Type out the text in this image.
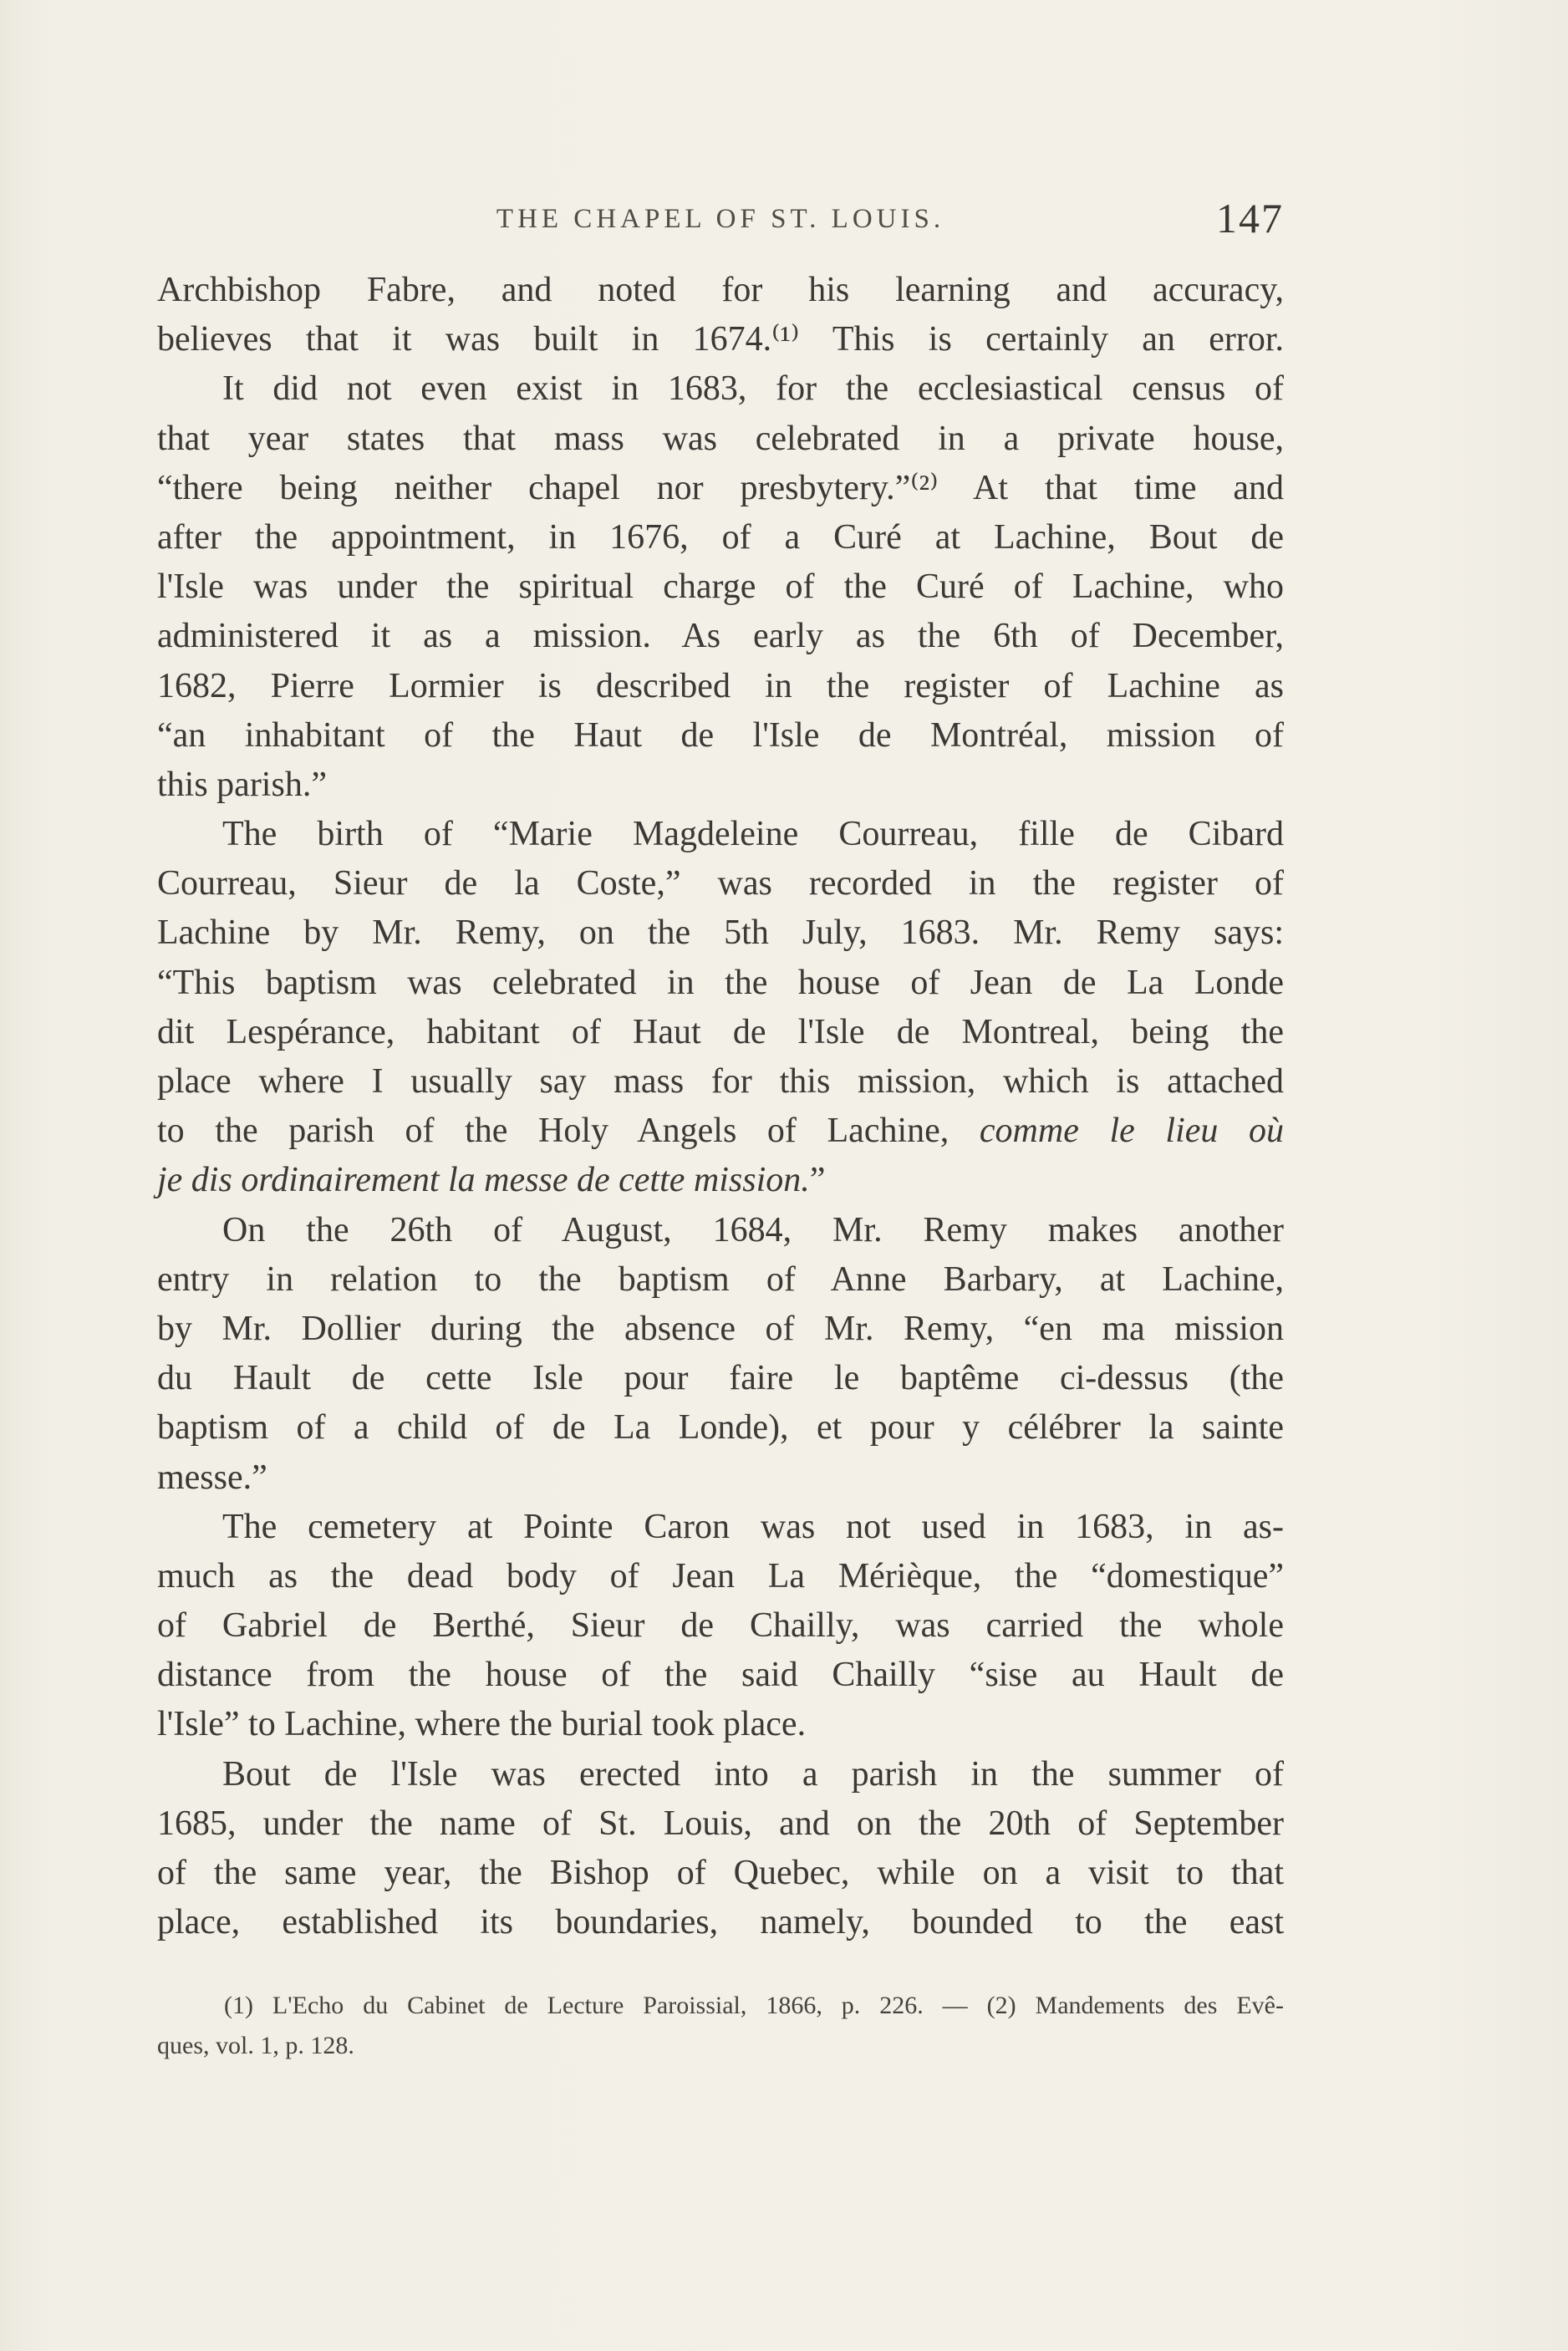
THE CHAPEL OF ST. LOUIS.	147
Archbishop Fabre, and noted for his learning and accuracy,
believes that it was built in 1674.⁽¹⁾ This is certainly an error.
It did not even exist in 1683, for the ecclesiastical census of
that year states that mass was celebrated in a private house,
“there being neither chapel nor presbytery.”⁽²⁾ At that time and
after the appointment, in 1676, of a Curé at Lachine, Bout de
l'Isle was under the spiritual charge of the Curé of Lachine, who
administered it as a mission. As early as the 6th of December,
1682, Pierre Lormier is described in the register of Lachine as
“an inhabitant of the Haut de l'Isle de Montréal, mission of
this parish.”
The birth of “Marie Magdeleine Courreau, fille de Cibard
Courreau, Sieur de la Coste,” was recorded in the register of
Lachine by Mr. Remy, on the 5th July, 1683. Mr. Remy says:
“This baptism was celebrated in the house of Jean de La Londe
dit Lespérance, habitant of Haut de l'Isle de Montreal, being the
place where I usually say mass for this mission, which is attached
to the parish of the Holy Angels of Lachine, comme le lieu où
je dis ordinairement la messe de cette mission.”
On the 26th of August, 1684, Mr. Remy makes another
entry in relation to the baptism of Anne Barbary, at Lachine,
by Mr. Dollier during the absence of Mr. Remy, “en ma mission
du Hault de cette Isle pour faire le baptême ci-dessus (the
baptism of a child of de La Londe), et pour y célébrer la sainte
messe.”
The cemetery at Pointe Caron was not used in 1683, in as-
much as the dead body of Jean La Mérièque, the “domestique”
of Gabriel de Berthé, Sieur de Chailly, was carried the whole
distance from the house of the said Chailly “sise au Hault de
l'Isle” to Lachine, where the burial took place.
Bout de l'Isle was erected into a parish in the summer of
1685, under the name of St. Louis, and on the 20th of September
of the same year, the Bishop of Quebec, while on a visit to that
place, established its boundaries, namely, bounded to the east
(1) L'Echo du Cabinet de Lecture Paroissial, 1866, p. 226. — (2) Mandements des Evê-
ques, vol. 1, p. 128.
